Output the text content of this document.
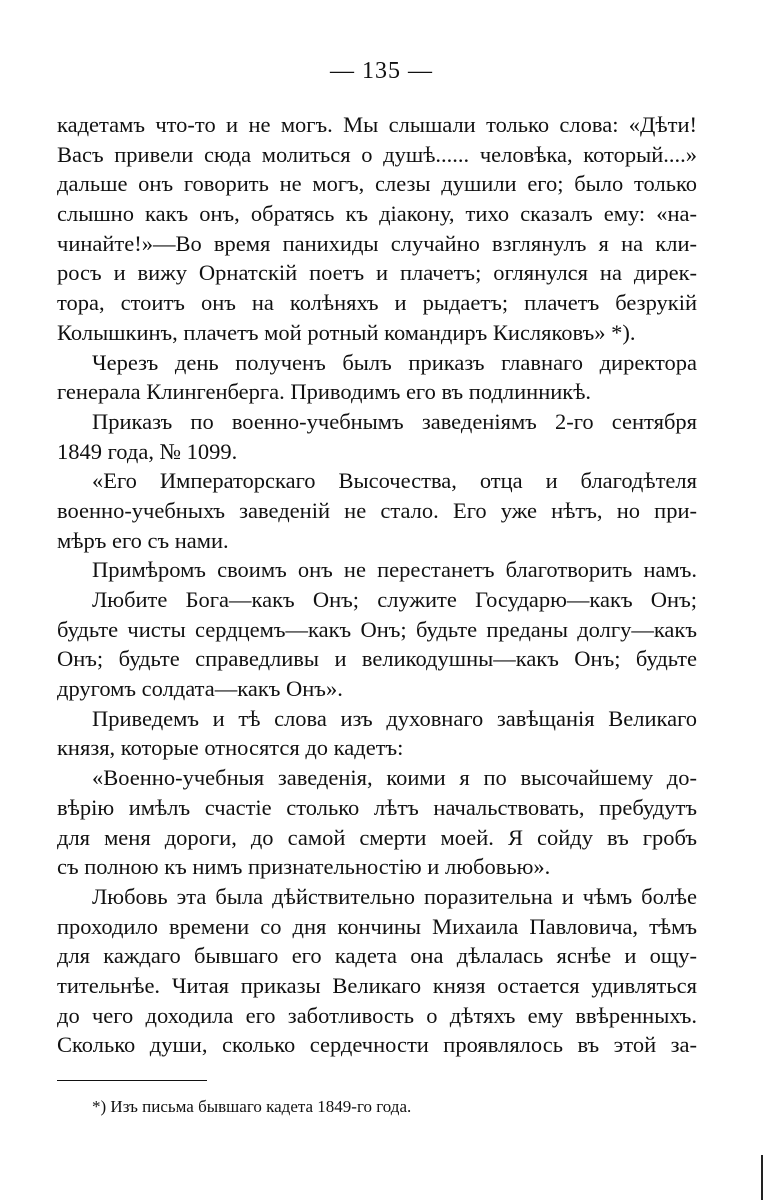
— 135 —
кадетамъ что-то и не могъ. Мы слышали только слова: «Дѣти!
Васъ привели сюда молиться о душѣ...... человѣка, который....»
дальше онъ говорить не могъ, слезы душили его; было только
слышно какъ онъ, обратясь къ діакону, тихо сказалъ ему: «на-
чинайте!»—Во время панихиды случайно взглянулъ я на кли-
росъ и вижу Орнатскій поетъ и плачетъ; оглянулся на дирек-
тора, стоитъ онъ на колѣняхъ и рыдаетъ; плачетъ безрукій
Колышкинъ, плачетъ мой ротный командиръ Кисляковъ» *).
Черезъ день полученъ былъ приказъ главнаго директора
генерала Клингенберга. Приводимъ его въ подлинникѣ.
Приказъ по военно-учебнымъ заведеніямъ 2-го сентября
1849 года, № 1099.
«Его Императорскаго Высочества, отца и благодѣтеля
военно-учебныхъ заведеній не стало. Его уже нѣтъ, но при-
мѣръ его съ нами.
Примѣромъ своимъ онъ не перестанетъ благотворить намъ.
Любите Бога—какъ Онъ; служите Государю—какъ Онъ;
будьте чисты сердцемъ—какъ Онъ; будьте преданы долгу—какъ
Онъ; будьте справедливы и великодушны—какъ Онъ; будьте
другомъ солдата—какъ Онъ».
Приведемъ и тѣ слова изъ духовнаго завѣщанія Великаго
князя, которые относятся до кадетъ:
«Военно-учебныя заведенія, коими я по высочайшему до-
вѣрію имѣлъ счастіе столько лѣтъ начальствовать, пребудутъ
для меня дороги, до самой смерти моей. Я сойду въ гробъ
съ полною къ нимъ признательностію и любовью».
Любовь эта была дѣйствительно поразительна и чѣмъ болѣе
проходило времени со дня кончины Михаила Павловича, тѣмъ
для каждаго бывшаго его кадета она дѣлалась яснѣе и ощу-
тительнѣе. Читая приказы Великаго князя остается удивляться
до чего доходила его заботливость о дѣтяхъ ему ввѣренныхъ.
Сколько души, сколько сердечности проявлялось въ этой за-
*) Изъ письма бывшаго кадета 1849-го года.
